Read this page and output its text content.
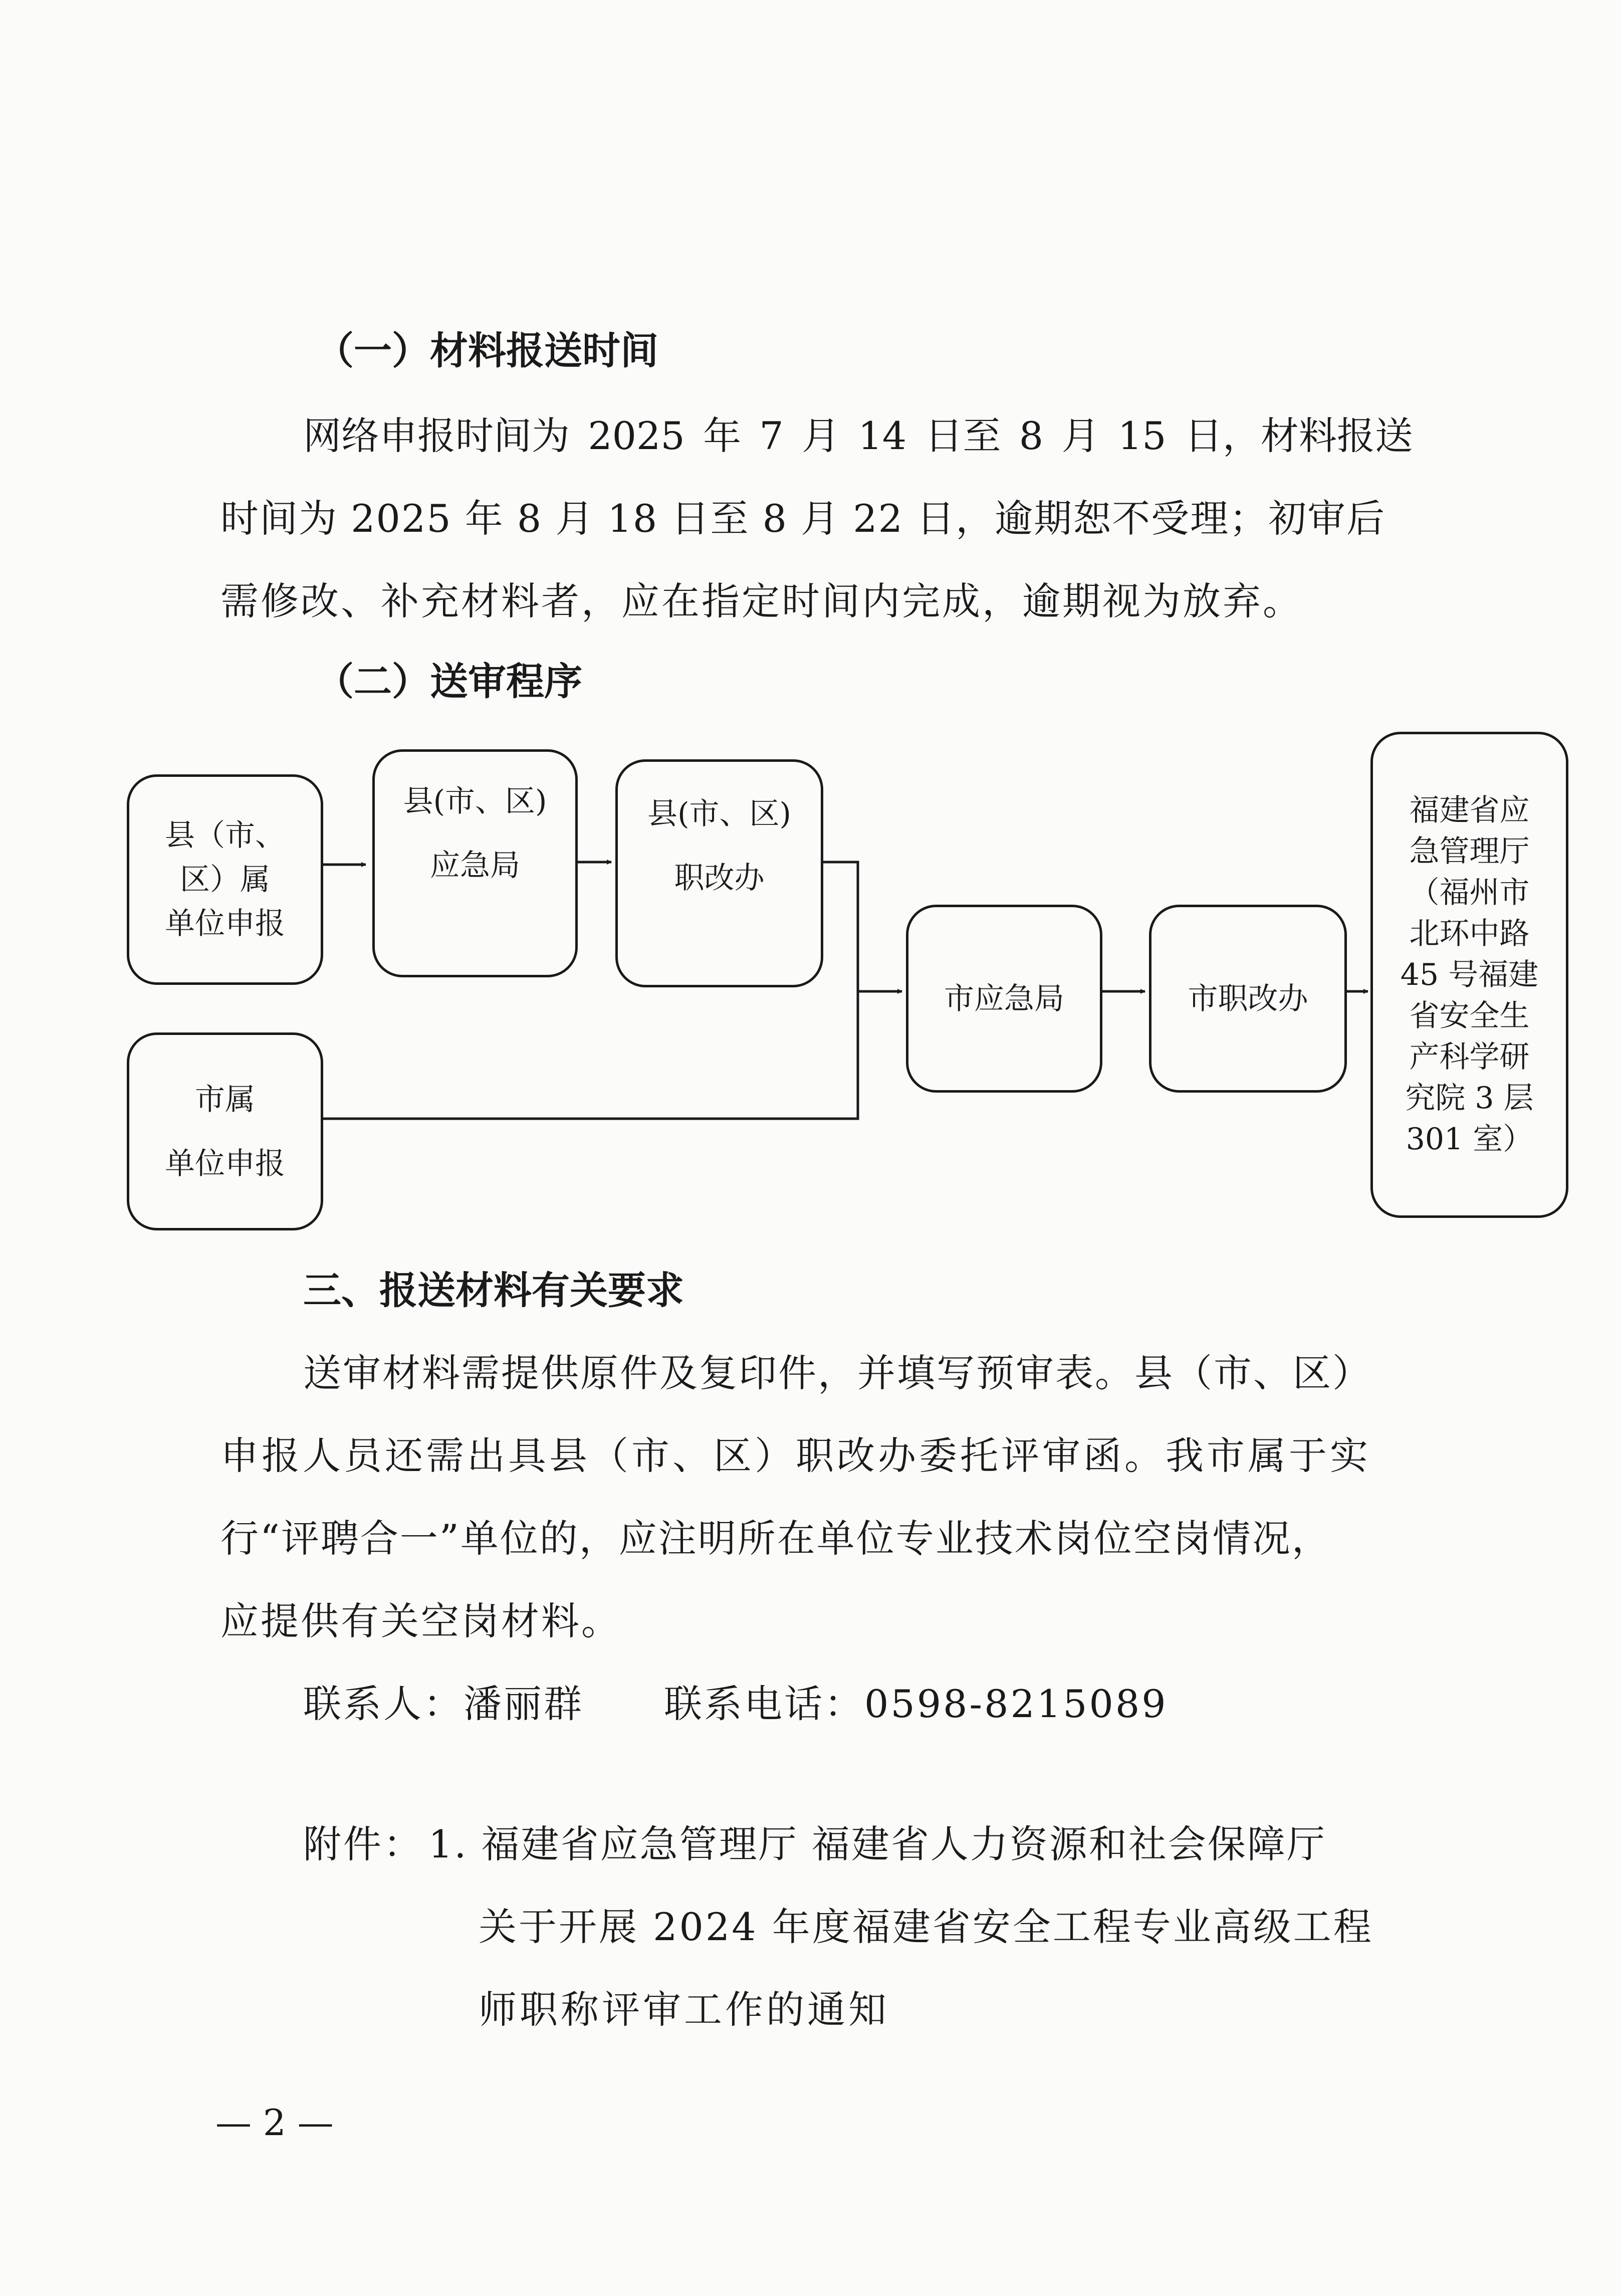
（一）材料报送时间
网络申报时间为 2025 年 7 月 14 日至 8 月 15 日，材料报送
时间为 2025 年 8 月 18 日至 8 月 22 日，逾期恕不受理；初审后
需修改、补充材料者，应在指定时间内完成，逾期视为放弃。
（二）送审程序
县（市、
区）属
单位申报
县(市、区)
应急局
县(市、区)
职改办
市属
单位申报
市应急局	市职改办
福建省应
急管理厅
（福州市
北环中路
45 号福建
省安全生
产科学研
究院 3 层
301 室）
三、报送材料有关要求
送审材料需提供原件及复印件，并填写预审表。县（市、区）
申报人员还需出具县（市、区）职改办委托评审函。我市属于实
行“评聘合一”单位的，应注明所在单位专业技术岗位空岗情况，
应提供有关空岗材料。
联系人：潘丽群　　联系电话：0598-8215089
附件： 1. 福建省应急管理厅 福建省人力资源和社会保障厅
关于开展 2024 年度福建省安全工程专业高级工程
师职称评审工作的通知
— 2 —
